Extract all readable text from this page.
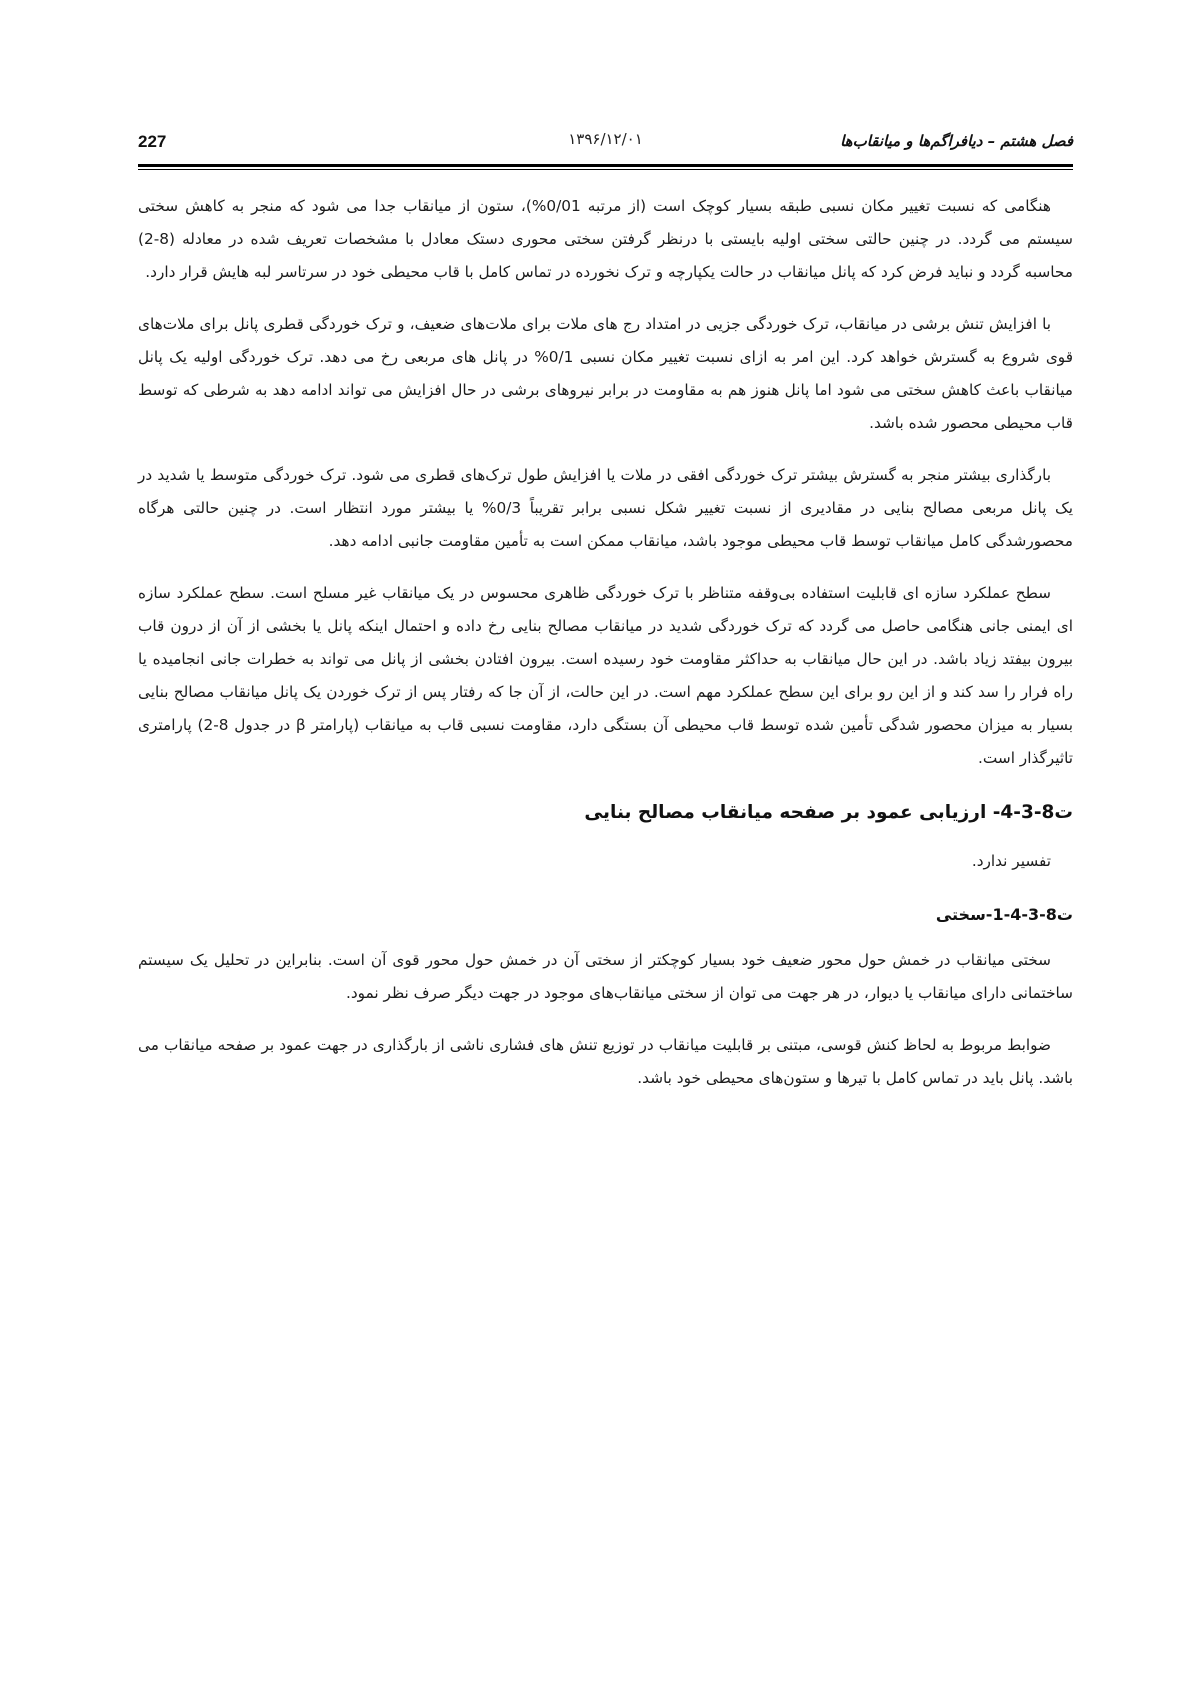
227	۱۳۹۶/۱۲/۰۱	فصل هشتم – دیافراگم‌ها و میانقاب‌ها

هنگامی که نسبت تغییر مکان نسبی طبقه بسیار کوچک است (از مرتبه 0/01%)، ستون از میانقاب جدا می شود که منجر به کاهش سختی سیستم می گردد. در چنین حالتی سختی اولیه بایستی با درنظر گرفتن سختی محوری دستک معادل با مشخصات تعریف شده در معادله (8-2) محاسبه گردد و نباید فرض کرد که پانل میانقاب در حالت یکپارچه و ترک نخورده در تماس کامل با قاب محیطی خود در سرتاسر لبه هایش قرار دارد.

با افزایش تنش برشی در میانقاب، ترک خوردگی جزیی در امتداد رج های ملات برای ملات‌های ضعیف، و ترک خوردگی قطری پانل برای ملات‌های قوی شروع به گسترش خواهد کرد. این امر به ازای نسبت تغییر مکان نسبی 0/1% در پانل های مربعی رخ می دهد. ترک خوردگی اولیه یک پانل میانقاب باعث کاهش سختی می شود اما پانل هنوز هم به مقاومت در برابر نیروهای برشی در حال افزایش می تواند ادامه دهد به شرطی که توسط قاب محیطی محصور شده باشد.

بارگذاری بیشتر منجر به گسترش بیشتر ترک خوردگی افقی در ملات یا افزایش طول ترک‌های قطری می شود. ترک خوردگی متوسط یا شدید در یک پانل مربعی مصالح بنایی در مقادیری از نسبت تغییر شکل نسبی برابر تقریباً 0/3% یا بیشتر مورد انتظار است. در چنین حالتی هرگاه محصورشدگی کامل میانقاب توسط قاب محیطی موجود باشد، میانقاب ممکن است به تأمین مقاومت جانبی ادامه دهد.

سطح عملکرد سازه ای قابلیت استفاده بی‌وقفه متناظر با ترک خوردگی ظاهری محسوس در یک میانقاب غیر مسلح است. سطح عملکرد سازه ای ایمنی جانی هنگامی حاصل می گردد که ترک خوردگی شدید در میانقاب مصالح بنایی رخ داده و احتمال اینکه پانل یا بخشی از آن از درون قاب بیرون بیفتد زیاد باشد. در این حال میانقاب به حداکثر مقاومت خود رسیده است. بیرون افتادن بخشی از پانل می تواند به خطرات جانی انجامیده یا راه فرار را سد کند و از این رو برای این سطح عملکرد مهم است. در این حالت، از آن جا که رفتار پس از ترک خوردن یک پانل میانقاب مصالح بنایی بسیار به میزان محصور شدگی تأمین شده توسط قاب محیطی آن بستگی دارد، مقاومت نسبی قاب به میانقاب (پارامتر β در جدول 8-2) پارامتری تاثیرگذار است.

ت8-3-4- ارزیابی عمود بر صفحه میانقاب مصالح بنایی

تفسیر ندارد.

ت8-3-4-1-سختی

سختی میانقاب در خمش حول محور ضعیف خود بسیار کوچکتر از سختی آن در خمش حول محور قوی آن است. بنابراین در تحلیل یک سیستم ساختمانی دارای میانقاب یا دیوار، در هر جهت می توان از سختی میانقاب‌های موجود در جهت دیگر صرف نظر نمود.

ضوابط مربوط به لحاظ کنش قوسی، مبتنی بر قابلیت میانقاب در توزیع تنش های فشاری ناشی از بارگذاری در جهت عمود بر صفحه میانقاب می باشد. پانل باید در تماس کامل با تیرها و ستون‌های محیطی خود باشد.
